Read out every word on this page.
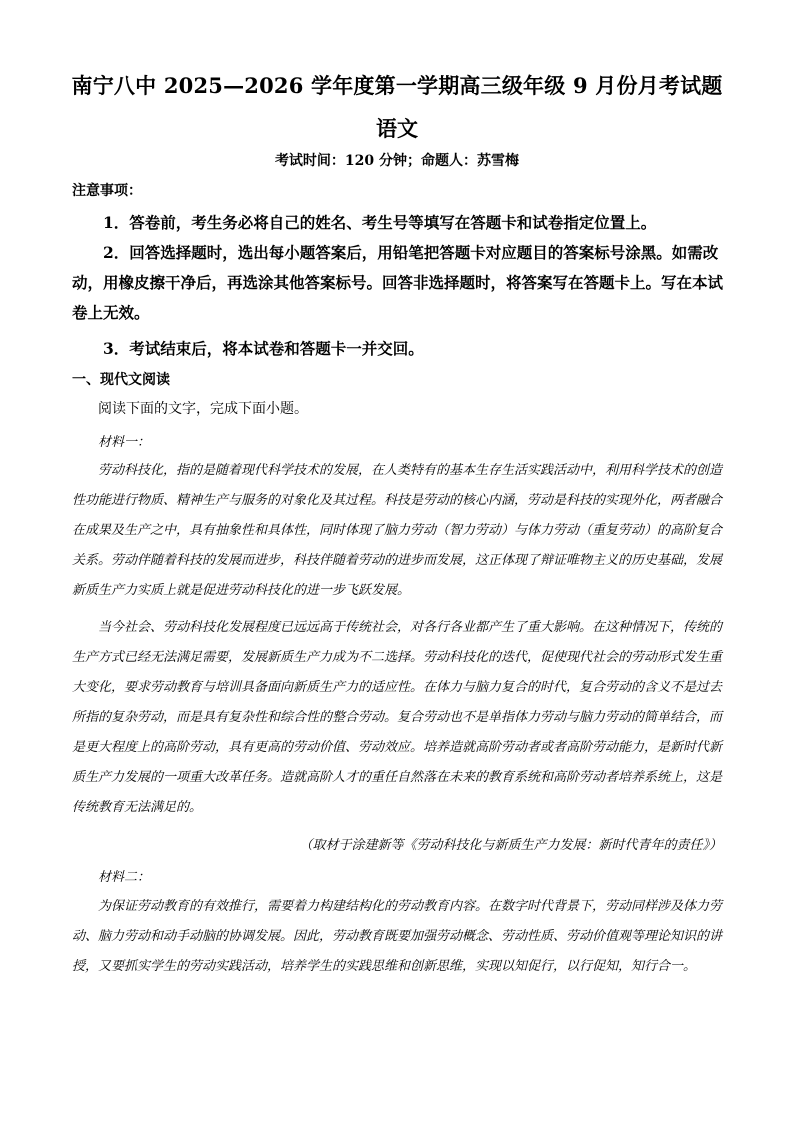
南宁八中 2025—2026 学年度第一学期高三级年级 9 月份月考试题
语文
考试时间：120 分钟；命题人：苏雪梅
注意事项：
1．答卷前，考生务必将自己的姓名、考生号等填写在答题卡和试卷指定位置上。
2．回答选择题时，选出每小题答案后，用铅笔把答题卡对应题目的答案标号涂黑。如需改动，用橡皮擦干净后，再选涂其他答案标号。回答非选择题时，将答案写在答题卡上。写在本试卷上无效。
3．考试结束后，将本试卷和答题卡一并交回。
一、现代文阅读
阅读下面的文字，完成下面小题。
材料一：
劳动科技化，指的是随着现代科学技术的发展，在人类特有的基本生存生活实践活动中，利用科学技术的创造性功能进行物质、精神生产与服务的对象化及其过程。科技是劳动的核心内涵，劳动是科技的实现外化，两者融合在成果及生产之中，具有抽象性和具体性，同时体现了脑力劳动（智力劳动）与体力劳动（重复劳动）的高阶复合关系。劳动伴随着科技的发展而进步，科技伴随着劳动的进步而发展，这正体现了辩证唯物主义的历史基础，发展新质生产力实质上就是促进劳动科技化的进一步飞跃发展。
当今社会、劳动科技化发展程度已远远高于传统社会，对各行各业都产生了重大影响。在这种情况下，传统的生产方式已经无法满足需要，发展新质生产力成为不二选择。劳动科技化的迭代，促使现代社会的劳动形式发生重大变化，要求劳动教育与培训具备面向新质生产力的适应性。在体力与脑力复合的时代，复合劳动的含义不是过去所指的复杂劳动，而是具有复杂性和综合性的整合劳动。复合劳动也不是单指体力劳动与脑力劳动的简单结合，而是更大程度上的高阶劳动，具有更高的劳动价值、劳动效应。培养造就高阶劳动者或者高阶劳动能力，是新时代新质生产力发展的一项重大改革任务。造就高阶人才的重任自然落在未来的教育系统和高阶劳动者培养系统上，这是传统教育无法满足的。
（取材于涂建新等《劳动科技化与新质生产力发展：新时代青年的责任》）
材料二：
为保证劳动教育的有效推行，需要着力构建结构化的劳动教育内容。在数字时代背景下，劳动同样涉及体力劳动、脑力劳动和动手动脑的协调发展。因此，劳动教育既要加强劳动概念、劳动性质、劳动价值观等理论知识的讲授，又要抓实学生的劳动实践活动，培养学生的实践思维和创新思维，实现以知促行，以行促知，知行合一。
